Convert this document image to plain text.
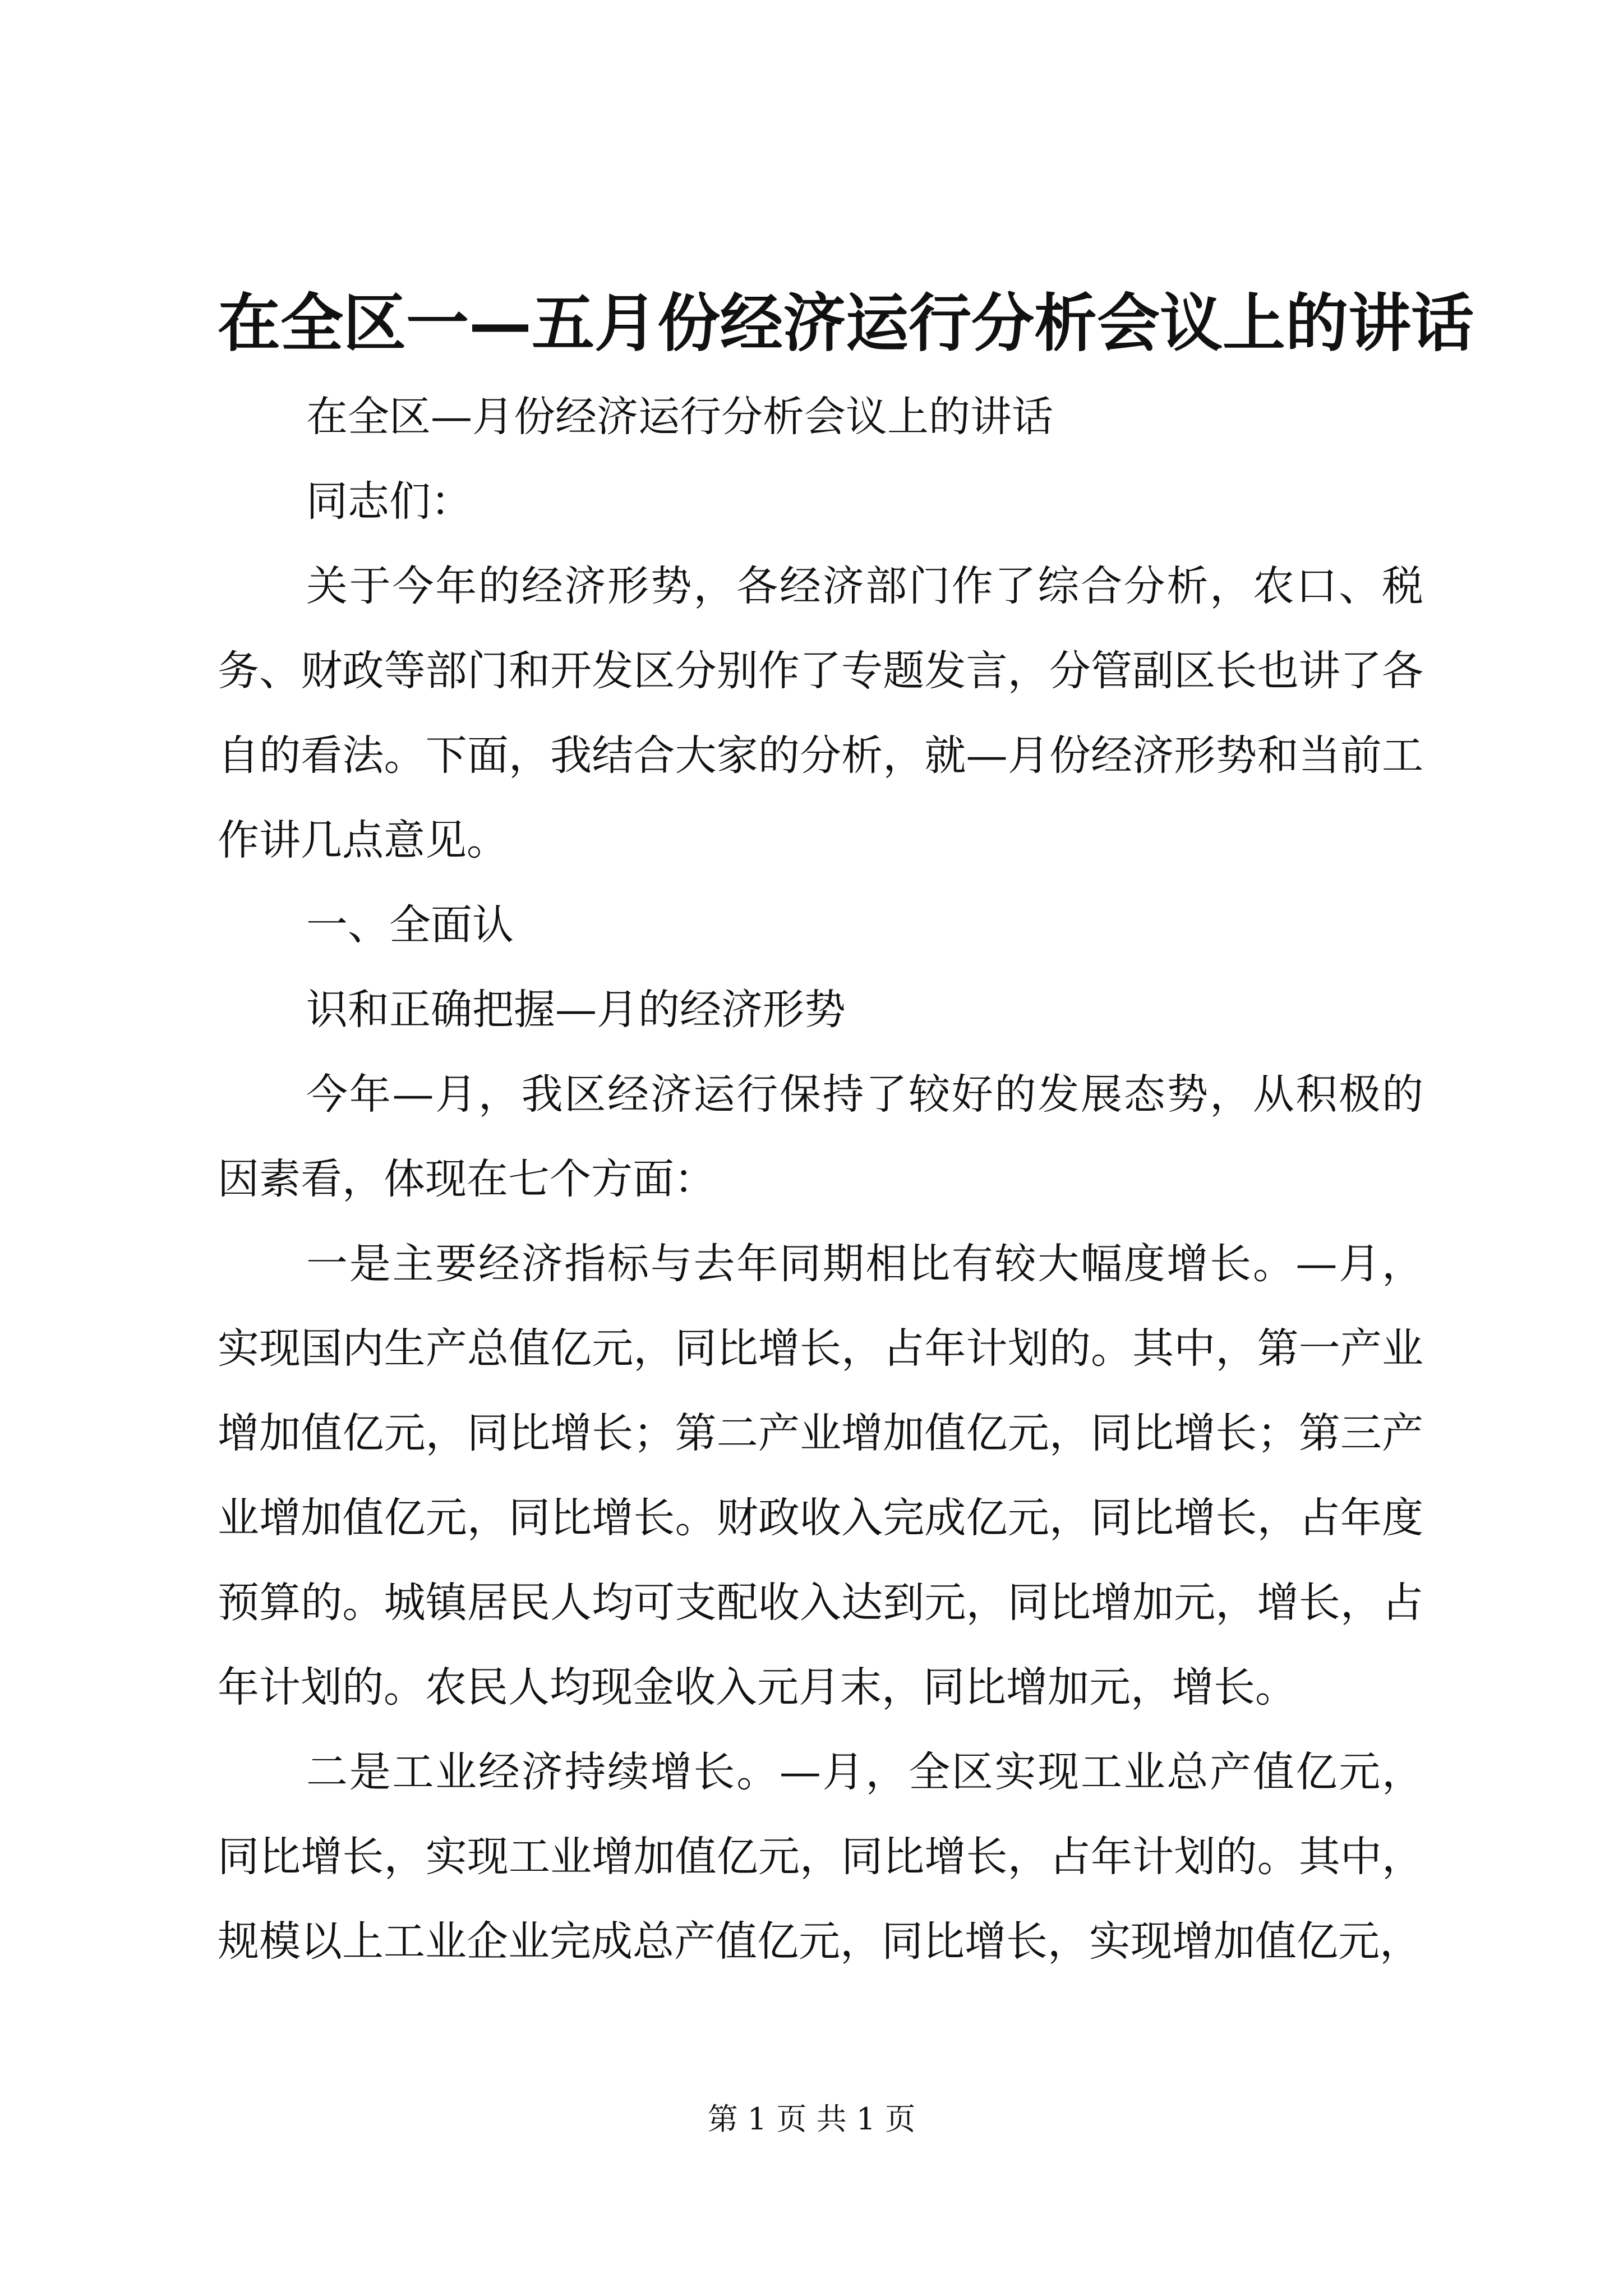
在全区一—五月份经济运行分析会议上的讲话

在全区—月份经济运行分析会议上的讲话

同志们：

关于今年的经济形势，各经济部门作了综合分析，农口、税务、财政等部门和开发区分别作了专题发言，分管副区长也讲了各自的看法。下面，我结合大家的分析，就—月份经济形势和当前工作讲几点意见。

一、全面认

识和正确把握—月的经济形势

今年—月，我区经济运行保持了较好的发展态势，从积极的因素看，体现在七个方面：

一是主要经济指标与去年同期相比有较大幅度增长。—月，实现国内生产总值亿元，同比增长，占年计划的。其中，第一产业增加值亿元，同比增长；第二产业增加值亿元，同比增长；第三产业增加值亿元，同比增长。财政收入完成亿元，同比增长，占年度预算的。城镇居民人均可支配收入达到元，同比增加元，增长，占年计划的。农民人均现金收入元月末，同比增加元，增长。

二是工业经济持续增长。—月，全区实现工业总产值亿元，同比增长，实现工业增加值亿元，同比增长，占年计划的。其中，规模以上工业企业完成总产值亿元，同比增长，实现增加值亿元，

第 1 页 共 1 页
